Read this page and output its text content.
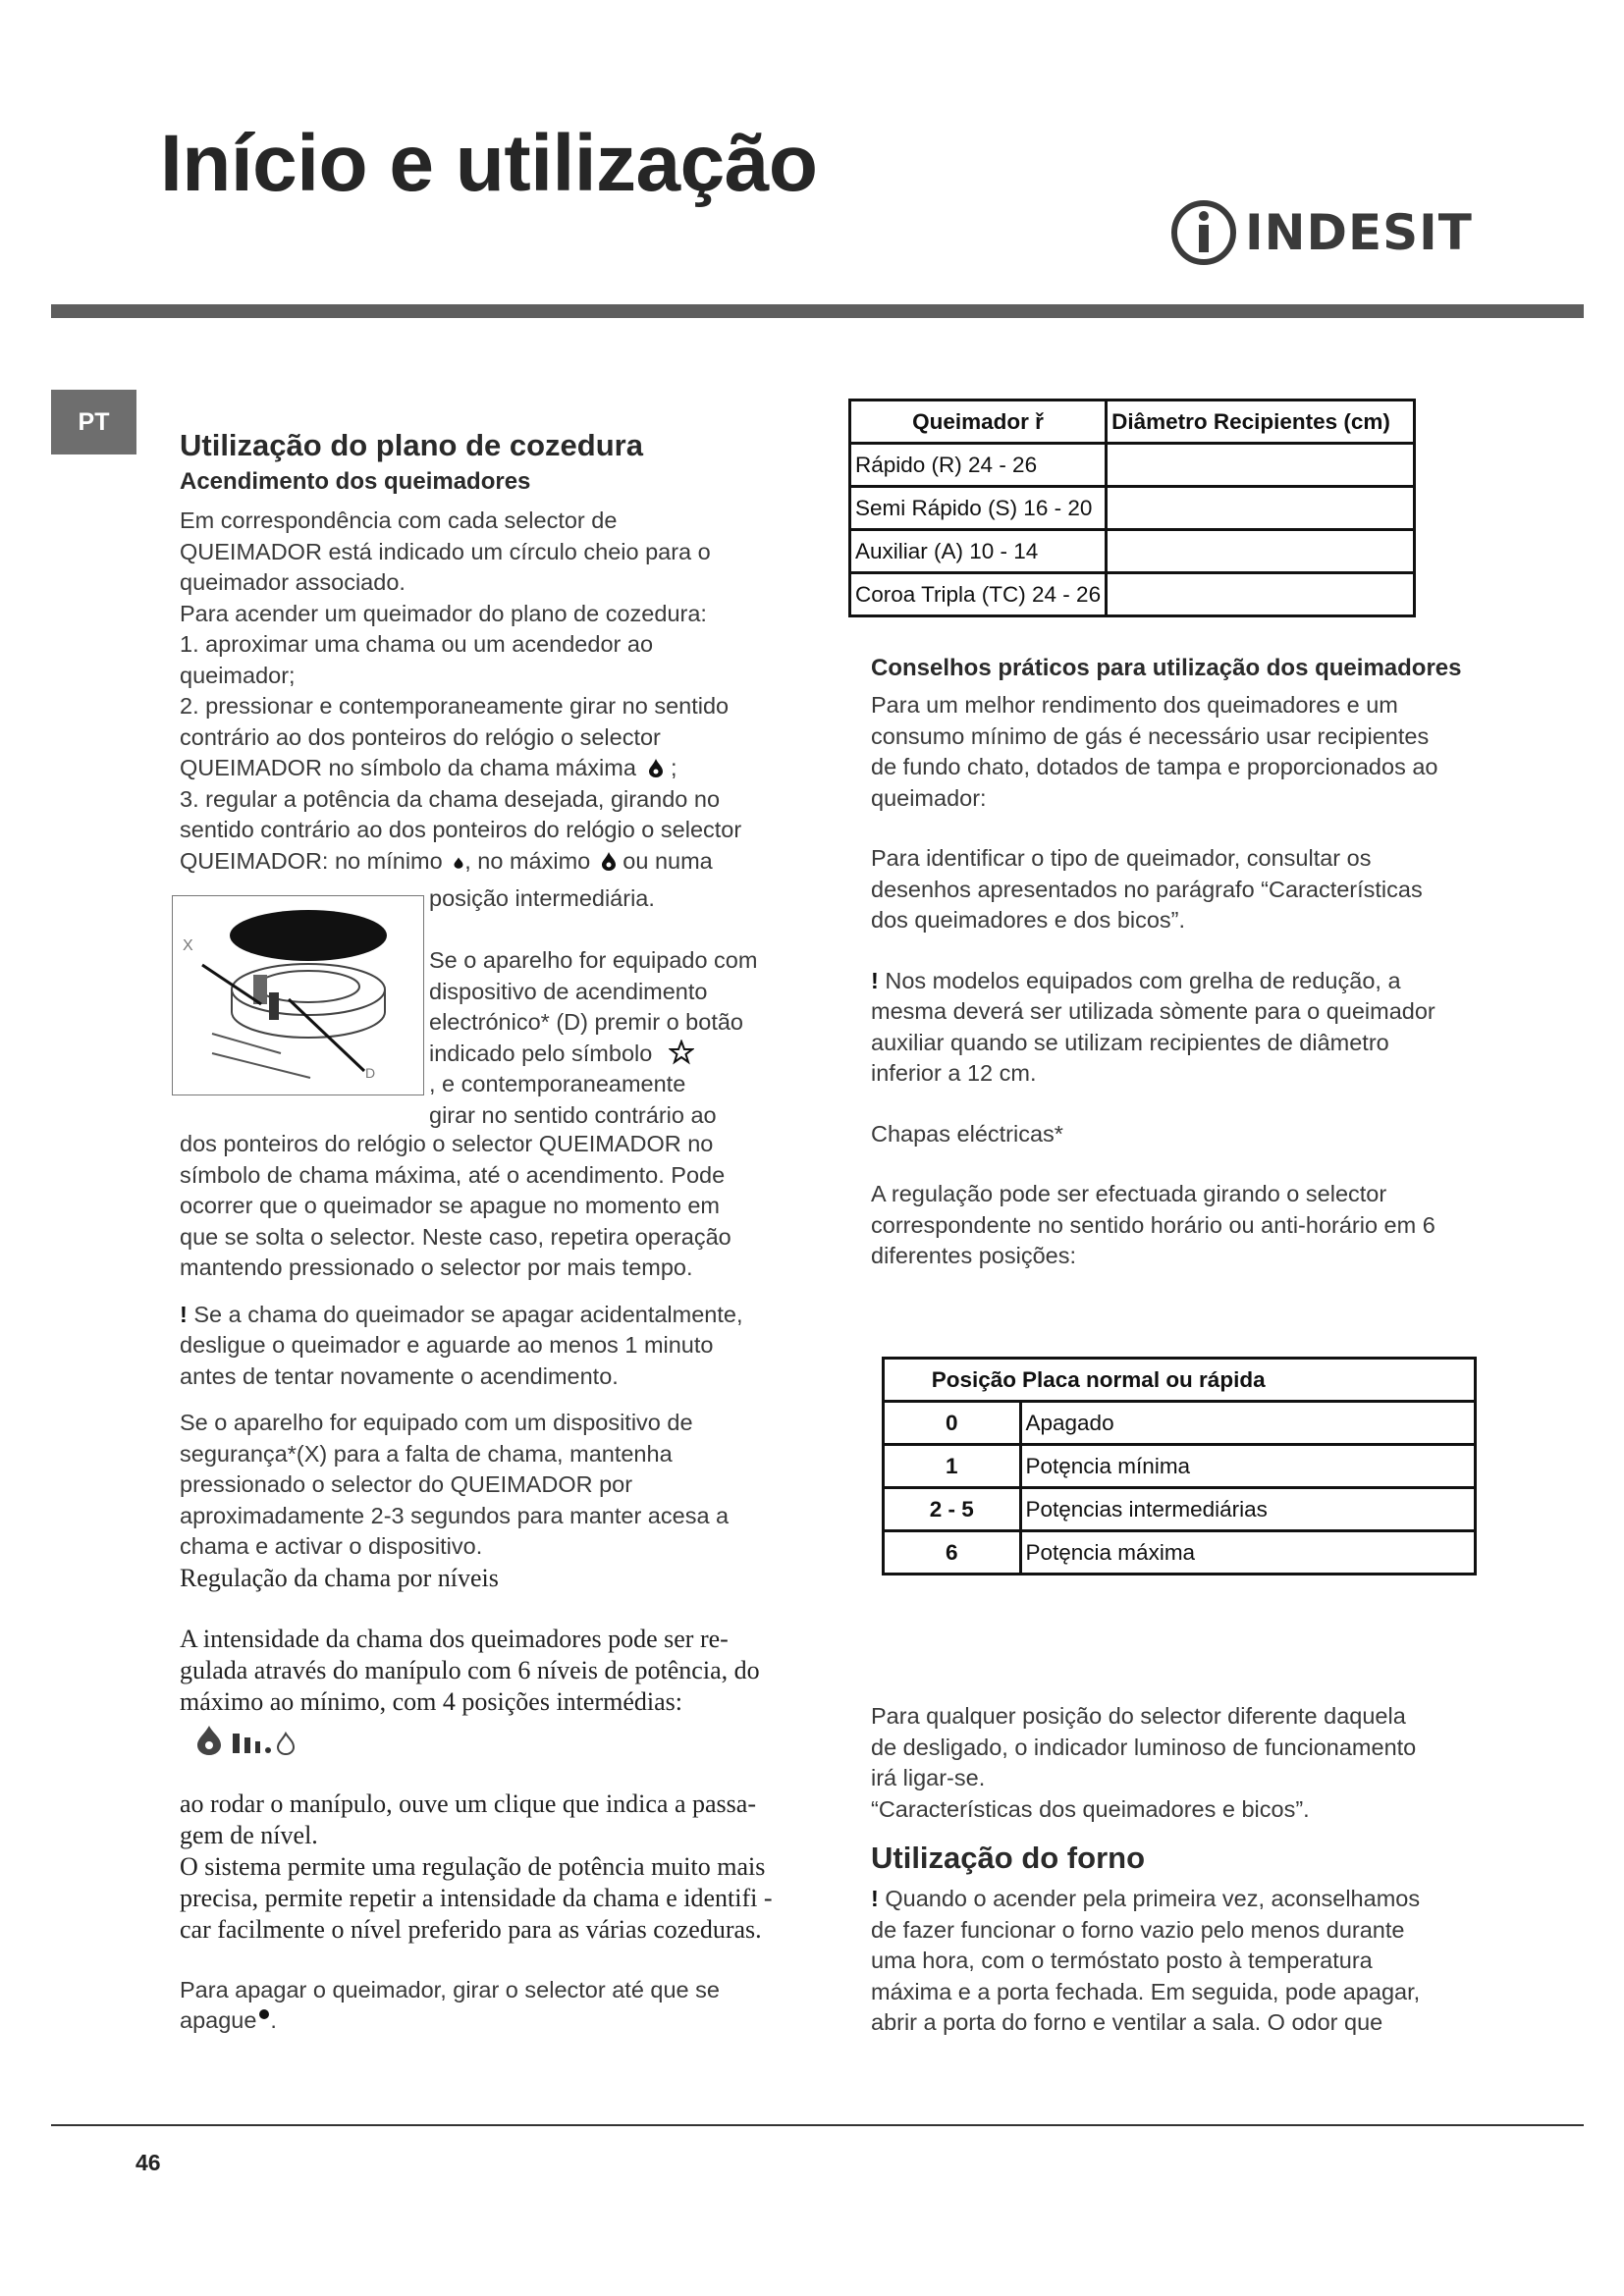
Início e utilização
INDESIT
PT
Utilização do plano de cozedura
Acendimento dos queimadores

Em correspondência com cada selector de

QUEIMADOR está indicado um círculo cheio para o

queimador associado.

Para acender um queimador do plano de cozedura:

1. aproximar uma chama ou um acendedor ao

queimador;

2. pressionar e contemporaneamente girar no sentido

contrário ao dos ponteiros do relógio o selector

QUEIMADOR no símbolo da chama máxima ;

3. regular a potência da chama desejada, girando no

sentido contrário ao dos ponteiros do relógio o selector

QUEIMADOR: no mínimo , no máximo ou numa

X
D

posição intermediária.

Se o aparelho for equipado com

dispositivo de acendimento

electrónico* (D) premir o botão

indicado pelo símbolo

, e contemporaneamente

girar no sentido contrário ao

dos ponteiros do relógio o selector QUEIMADOR no

símbolo de chama máxima, até o acendimento. Pode

ocorrer que o queimador se apague no momento em

que se solta o selector. Neste caso, repetira operação

mantendo pressionado o selector por mais tempo.

! Se a chama do queimador se apagar acidentalmente,

desligue o queimador e aguarde ao menos 1 minuto

antes de tentar novamente o acendimento.

Se o aparelho for equipado com um dispositivo de

segurança*(X) para a falta de chama, mantenha

pressionado o selector do QUEIMADOR por

aproximadamente 2-3 segundos para manter acesa a

chama e activar o dispositivo.

Regulação da chama por níveis

A intensidade da chama dos queimadores pode ser re-

gulada através do manípulo com 6 níveis de potência, do

máximo ao mínimo, com 4 posições intermédias:

ao rodar o manípulo, ouve um clique que indica a passa-

gem de nível.

O sistema permite uma regulação de potência muito mais

precisa, permite repetir a intensidade da chama e identifi -

car facilmente o nível preferido para as várias cozeduras.

Para apagar o queimador, girar o selector até que se

apague .

Queimador ř	Diâmetro Recipientes (cm)
Rápido (R) 24 - 26	
Semi Rápido (S) 16 - 20	
Auxiliar (A) 10 - 14	
Coroa Tripla (TC) 24 - 26	
Conselhos práticos para utilização dos queimadores

Para um melhor rendimento dos queimadores e um

consumo mínimo de gás é necessário usar recipientes

de fundo chato, dotados de tampa e proporcionados ao

queimador:

Para identificar o tipo de queimador, consultar os

desenhos apresentados no parágrafo “Características

dos queimadores e dos bicos”.

! Nos modelos equipados com grelha de redução, a

mesma deverá ser utilizada sòmente para o queimador

auxiliar quando se utilizam recipientes de diâmetro

inferior a 12 cm.

Chapas eléctricas*

A regulação pode ser efectuada girando o selector

correspondente no sentido horário ou anti-horário em 6

diferentes posições:

Posição	Placa normal ou rápida
0	Apagado
1	Potęncia mínima
2 - 5	Potęncias intermediárias
6	Potęncia máxima

Para qualquer posição do selector diferente daquela

de desligado, o indicador luminoso de funcionamento

irá ligar-se.

“Características dos queimadores e bicos”.

Utilização do forno

! Quando o acender pela primeira vez, aconselhamos

de fazer funcionar o forno vazio pelo menos durante

uma hora, com o termóstato posto à temperatura

máxima e a porta fechada. Em seguida, pode apagar,

abrir a porta do forno e ventilar a sala. O odor que

46
